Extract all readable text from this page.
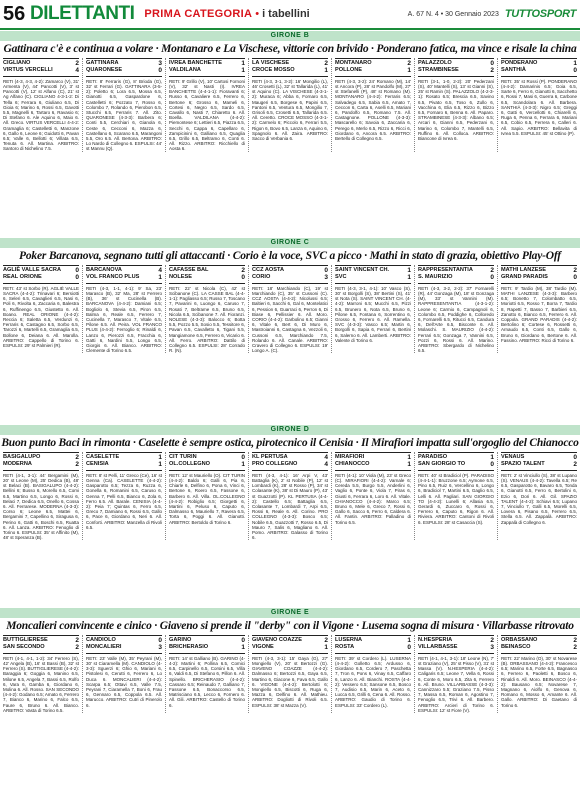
56 DILETTANTI PRIMA CATEGORIA • i tabellini	A. 67 N. 4 • 30 Gennaio 2023 TUTTOSPORT
GIRONE B
Gattinara c'è e continua a volare · Montanaro e La Vischese, vittorie con brivido · Ponderano fatica, ma vince e risale la china
CIGLIANO	2
VIRTUS VERCELLI	4
RETI (4-3, 4-3, 4-2): Zamarco (V), 31' Armenta (V), 44' Pancotti (V), 3' st Pancotti (V), 12' st Alfano (C), 21' st Ag Alfano (C). CIGLIANO 4-3-1-2: Di Tella 6; Ferrara 6, Giuliano 6.5, Di Gioia 6; Marino 6, Rossi 6.5, Gavotti 5.5, Magnelli 6, Tartaro 6, Ravasio 6; Di Stefano 6. Ale Aquino 6, Maio 6. All. Greco. VIRTUS VERCELLI 4-4-2: Gramaglia 6; Castelletti 6, Manzone 6, Gallo 6, Leone 6; Guidotti 6, Pavan 6.5; Valle 6, Bellotti 6; Villata 6.5, Tenuta 6. All. Martina. ARBITRO: Santoro di Nichelino 7.5.
GATTINARA	3
QUARONESE	0
RETI: 8' Ferraris (G), 8' Brioda (G), 32' st Ferrari (G). GATTINARA (3-5-2): Poletto 6; Lora 6.5, Mossa 6.5, Gianotti 6.5, Gaspardone 6, Castelletti 6; Pozzato 7, Rosso 6, Colombo 7, Rolando 6, Pierobon 6.5, Stucchi 6.5, Ferraris 7. All. Zito. QUARONESE (4-3-3): Barbera 6; Conti 5.5, Cerchiari 6, Gianola 6, Ceste 6, Cecconi 6, Mazza 6, Castellano 6, Scarano 6.5, Marangoni 5.5, Oro 6.5. All. Bertona. ARBITRO: Lo Nardo di Collegno 6. ESPULSI: 44' st Mannu (Q).
IVREA BANCHETTE	1
VALDILANA	1
RETI: 9' Grillo (V), 10' Cartosi Fornoni (V), 32' st Nasti (I). IVREA BANCHETTE (4-4-1-1): Fioravanti 6; Russo 6, Cavaliere 6.5, Ferrero 6, Bertone 6; Grosso 6, Mameli 6, Cortesi 6, Negro 6.5, Sardo 6.5, Cavallo 6, Nasti 7, Chiaretto 6. All. Boella. VALDILANA (4-4-2): Piemontese 6; Lettieri 6.5, Piazza 6.5, Secchi 6, Cappa 6, Capellaro 6, Zampicinini 6, Galliano 6.5, Quaglia 6.5, Grillo 6.5, Beltramo 6, Conti 6. All. Rizzo. ARBITRO: Ricchiello di Aosta 6.
LA VISCHESE	2
CROCE MOSSO	1
RETI (4-3, 3-1, 3-2): 16' Mongilio (L), 46' Crosetti (L), 32' st Tallarida (L), 41' st Aquino (C). LA VISCHESE (4-3-1-2): Muraca 6; Abba 6, Fornaro 6.5, Maugeri 6.5, Borgese 6, Papini 6.5, Fantoni 6.5, Ventura 6.5, Mongilio 7, Grisoli 6.5, Crosetti 6.5, Tallarida 6.5. All. Ceretto. CROCE MOSSO (4-3-1-2): Carmelo 6; Piccolo 6, Ferrari 5.5, Rigon 6, Bovo 6.5, Lanza 6, Aquino 6, Spagnolo 6. All. Zaira. ARBITRO: Sacco di Verbania 6.
MONTANARO	2
POLLONE	1
RETI (4-3, 3-2): 24' Romano (M), 14' st Ancora (P), 28' st Pandolfo (M), 27' st Stefanelli (P), 48' st Romano (M). MONTANARO (4-4-2): Ferraris 6.5; Salvadego 6.5, Sabia 6.5, Amato 7, Ceccon 6, Carta 6, Aselli 6.5, Mariani 6, Pandolfo 6.5, Romano 7.5. All. Castagnone. POLLONE (4-3-3): Mascarello 6; Savoia 6, Zaccaria 6, Perego 6, Merlo 6.5, Rizzo 6, Ricci 6, Giordano 6, Ancora 6.5. ARBITRO: Bertello di Collegno 6.5.
PALAZZOLO	0
STRAMBINESE	2
RETI (3-1, 1-0, 2-2): 20' Pederzani (S), 40' Mantelli (S), 13' st Gianni (S), 25' st Ramin (S). PALAZZOLO (4-2-3-1): Rosato 6.5; Brescia 6.5, Savino 6.5, Pivato 6.5, Toso 6, Zullo 6, Vacchina 6, Elia 6.5, Rizzo 6, Bizzo 6.5, Fornaro 6, Benna 6. All. Paparo. STRAMBINESE (4-3-3): Albano 6.5; Arcari 6, Gianni 6.5, Pederzani 6, Marino 6, Colombo 7, Mantelli 6.5, Ruffino 6. All. Colloca. ARBITRO: Biancone di Ivrea 6.
PONDERANO	1
SANTHIÀ	0
RETI: 35' st Rossi (P). PONDERANO (4-4-2): Damarinis 6.5; Goia 6.5, Sarte 6, Ferro 6, Gianotti 6, Sacchetto 6, Rossi 7, Masi 6, Guerra 6, Carbone 6.5, Scandolara 6. All. Barbera. SANTHIÀ (4-3-3): Nigro 6.5; Greggi 6, Gatti 6, Vercellotti 6, Chiarelli 6, Ruga 6, Penna 6, Ferrara 6, Mariani 6.5, Cobio 6.5, Ferrera 6, Calleri 6. All. Sapio. ARBITRO: Bellavita di Ivrea 5.5. ESPULSI: 45' st Ottino (P).
GIRONE C
Poker Barcanova, segnano tutti gli attaccanti · Corio è la voce, SVC a picco · Mathi in stato di grazia, obiettivo Play-Off
AGLIÈ VALLE SACRA 0
REAL ORIONE	0
RETI: 43' st Sorbo (R). AGLIÈ VALLE SACRA (4-4-2): Trinavari 6; Bersiotti 6, Seleri 6.5, Cavaglieri 6.5, Nasi 6, Poli 6, Rivolta 6, Zaccaria 6, Balestra 6, Ruffinengo 6.5, Giustetto 6. All. Boano. REAL ORIONE (4-4-2): Reccia 6; Saletta 6.5, Verdunzi 6, Ferraris 6, Castagno 6.5, Sorbo 6.5, Tarozzi 6, Martelli 6.5, Gramaglia 6.5, Bollone 6, Deiana 6. All. Marolla. ARBITRO: Cappello di Torino 6. ESPULSI: 29' st Palmieri (R).
BARCANOVA	4
VOL FRANCO PLUS	1
RETI (4-3, 1-1, 4-1): 9' Sa, 23' Marasco (B), 32' Ma, 28' st Ferrero (B), 36' st Cucinella (B). BARCANOVA (4-4-2): Damiani 6.5; Bogliolo 6, Stevia 6.5, Piron 6.5, Balma 6, Reale 6.5, Ferrero 7, Cucinella 7, Marasco 7, Vitale 6.5, Pilone 6.5. All. Peira. VOL FRANCO PLUS (4-4-2): Ferroglio 6; Rinaldi 6, Lanzo 6, Pierozzi 6.5, Fracchia 6, Gatti 6, Nardini 5.5, Longo 6.5, Giorgis 6. All. Bianco. ARBITRO: Clemente di Torino 6.5.
CAFASSE BAL	2
NOLESE	0
RETI: 22' st Nicola (C), 42' st Scibanone (C). LA CASSE BAL (4-4-1-1): Pagliasso 6.5; Russo 7, Toscano 7, Pavarini 6, Luongo 6, Caruso 7, Rosati 7, Beltrame 6.5, Bruno 6.5, Nicola 6.5, Scibanone 7. All. Fioranzi. NOLESE (4-3-3): Balocco 6; Botta 5.5, Pozzo 5.5, Sosio 5.5, Tessitore 6, Pavan 6.5, Cavalletto 6, Tigani 5.5, Mangiamone 6.5, Ferrero 6, Vicario 6. All. Ferro. ARBITRO: Dattilo di Collegno 6.5. ESPULSI: 28' Corrado R. (N).
CCZ AOSTA	0
CORIO	3
RETI: 18' Marchiando (C), 19' st Marchiando (C), 35' st Cussoni (C). CCZ AOSTA (4-4-2): Nicolussi 6.5; Baltieri 6, Sacchi 6, Gal 6, Montelatici 6, Pession 6, Guarraci 6, Perron 6, Di Biase 6, Pellissier 6. All. Moro. CORIO (4-4-2): Garbolino 6.5; Gianni 6, Vitale 6, Bert 6, Di Muro 6, Mastroianni 6, Castagna 6, Vezzoli 6, Cussoni 6.5, Marchiando 7.5, Rolando 6. All. Canale. ARBITRO: Cravero di Collegno 6. ESPULSI: 19' Longo A. (C).
SAINT VINCENT CH.	1
SVC	1
RETI (4-3, 3-1, 4-1): 10' Vasco (S), 30' st Borgolli (S), 38' Bertini (S), 41' st Nota (S). SAINT VINCENT CH. (4-4-2): Marroni 6.5; Mucchi 6.5, Pizzi 6.5, Brunero 6, Nota 6.5, Bruno 6, Pilone 6.5, Fontana 6, Sorrentino 6, Grosso 6, Ferrero 6. All. Ramella. SVC (4-3-3): Vasco 6.5; Martin 6, Borgolli 6, Sapia 6, Ferrari 6, Bertini 6, Salerno 6. All. Lamberti. ARBITRO: Valente di Torino 6.
RAPPRESENTANTIA	2
S. MAURIZIO	0
RETI (4-3, 3-2, 2-2): 37' Fornarelli (R), 44' Gonzaga (M), 18' st Gonzaga (M), 33' st Vannini (M). RAPPRESENTANTIA (4-3-1-2): Leone 6; Carmio 6, Campagnoli 6, Colombo 6.5, Poddighe 6, Colloredo 6, Fornarelli 6.5, Ritucci 6.5, Candura 6, Dell'Arte 6.5, Bisconte 6. All. Molaschi. S. MAURIZIO (4-4-2): Ferrari 6.5; Gonzaga 7, Vannini 6.5, Pozzi 6, Rossi 6. All. Marino. ARBITRO: Sbergardo di Nichelino 6.5.
MATHI LANZESE	2
GRAND PARADIS	0
RETI: 9' Tardio (M), 38' Tardio (M). MATHI LANZESE (4-3-3): Barbero 6.5; Bonetto 7, Colombatto 6.5, Moriotti 6.5, Rosso 7, Borra 7, Tardio 8, Rapetti 7, Basso 7, Barbieri 6.5, Zanotto 6, Bianco 6.5, Ferrero 6. All. Coppola. GRAND PARADIS (4-4-2): Bertolino 6; Cortese 6, Rossetti 6, Arnaudo 6.5, Conti 6.5, Gallo 6, Bruno 6, Giordano 6, Bertone 6. All. Fassino. ARBITRO: Ricci di Torino 6.
GIRONE D
Buon punto Baci in rimonta · Caselette è sempre ostica, pirotecnico il Cenisia · Il Mirafiori impatta sull'orgoglio del Chianocco
BASIGALUPO	2
MODERNA	2
RETI (4-1, 3-1): 44' Bergamini (M), 20' st Leone (M), 25' Dedica (B), 48' st Belaci (B). BASIGALUPO (4-4-2): Bellini 6; Busso 6, Morello 6.5, Comi 6.5, Martino 6.5, Longo 6, Rossi 6, Belaci 7, Dedica 6.5, Onello 6, Cossa 6. All. Ferrarese. MODERNA (4-3-3): Corso 6; Leone 6.5, Mattei 6, Bergamini 7, Capellino 6, Siragusa 6, Perino 6, Gatti 6, Boschi 6.5, Ruatta 6. All. Lanza. ARBITRO: Fenoglio di Torino 6. ESPULSI: 35' st Affinito (M), 48' st Speranza (B).
CASELETTE	1
CENISIA	1
RETI: 8' st Pelli, 11' Greco (Ce), 16' st Genna (Ca). CASELETTE (4-4-2): Gasparotto 6.5; Tezza 6, Ruzza 6, Gonella 6, Romanini 6.5, Caruso 6, Genna 7, Pelli 6.5, Bianco 6, Zola 6, Ferro 6.5. All. Barale. CENISIA (4-4-2): Peia 7; Quintas 6, Ferro 6.5, Greco 7, Damiano 6, Rossi 6.5, Gallo 6, Pace 6, Giordano 6, Neri 6. All. Conforti. ARBITRO: Manzella di Rivoli 6.5.
CIT TURIN	0
OL.COLLEGNO	1
RETI: 12' st Mauriello (O). CIT TURIN (4-4-2): Baldo 6; Galli 6, Pia 6, Chiarle 6, Delfino 6, Pona 6, Vinci 6, Bertone 6, Roero 6.5, Fassone 6, Barbero 6. All. Villa. OL.COLLEGNO (4-4-2): Robiglio 6.5; Giorgetti 6, Martini 6, Peluso 6, Caputo 6, Dalmasso 6, Mauriello 7, Ravera 6.5, Torta 6, Poggi 6. All. Gianotti. ARBITRO: Bertoldo di Torino 6.
KL PERTUSA	4
PRO COLLEGNO	4
RETI (4-3, 4-1): 16' Arpi V, 43' Battaglia (K), 2' st Nobile (P), 12' st Lombardi (K), 28' st Rosso (P), 34' st Colasante (K), 38' st Di Mauro (P), 43' st Guazzotti (P). KL PERTUSA (4-4-2): Castello 6.5; Battaglia 6.5, Colasante 7, Lombardi 7, Arpi 6.5, Rossi 6, Reale 6. All. Corino. PRO COLLEGNO (4-3-3): Bosco 6.5; Nobile 6.5, Guazzotti 7, Rosso 6.5, Di Mauro 7, Salis 6, Magliano 6. All. Pomo. ARBITRO: Galasso di Torino 6.
MIRAFIORI	1
CHIANOCCO	1
RETI (4-1): 10' Viola (M), 23' st Greco (C). MIRAFIORI (4-4-2): Varnale 6; Cereda 5.5, Burgo 5.5, Anderlini 6, Vaglio 6, Ponte 6, Viola 7, Piras 6, Giusti 6, Ferrara 6, Loro 6. All. Vitale. CHIANOCCO (4-4-2): Marco 6.5; Bruno 6, Mele 6, Greco 7, Rossi 6, Gallo 6, Sacco 6, Ferro 6, Caldera 6. All. Fantin. ARBITRO: Palladino di Torino 6.5.
PARADISO	1
SAN GIORGIO TO	0
RETI: 40' st Bradiciol (P). PARADISO (4-4-1-1): Bruzzone 6.5; Aymone 6.5, Pino 6.5, Ruiz 6, Vercellino 6, Longo 6, Bradiciol 7, Martini 6.5, Gaglio 6.5, Lelli 6. All. Pagliari. SAN GIORGIO TO (4-4-2): Lunelli 6; Allasia 6.5, Gerardi 6, Zuccaro 6, Rossi 6, Ferrero 6, Caputo 6, Rigon 6. All. Riviera. ARBITRO: Cantoni di Rivoli 6. ESPULSI: 28' st Casaccia (S).
VENAUS	0
SPAZIO TALENT	2
RETI: 2' st Vinciullo (S), 38' st Lupano (S). VENAUS (4-4-2): Tavella 6.5; Re 6.5, Gasparotto 6, Bavaro 6.5, Tonda 6, Gianotti 6.5, Ferro 6, Bertolini 6, Ezio 6, Dori 6. All. Gil. SPAZIO TALENT (4-4-2): Schiavi 6.5; Lupano 7, Vinciullo 7, Galli 6.5, Morelli 6.5, Lovera 6, Pisano 6.5, Ferrero 6.5, Stella 6.5. All. Zappalà. ARBITRO: Zappalà di Collegno 6.
GIRONE E
Moncalieri convincente e cinico · Giaveno si prende il "derby" con il Vigone · Lusema sogna di misura · Villarbasse ritrovato
BUTTIGLIERESE	2
SAN SECONDO	2
RETI (4-1, 4-1, 1-2): 34' Ferrero (S), 42' Angela (B), 16' st Bassi (B), 32' st Ferrero (S). BUTTIGLIERESE (4-4-2): Baraggia 6; Goggia 6, Manino 6.5, Milone 6.5, Angela 7, Bassi 6.5, Rolfo 6, Vara 6, Gamba 6, Giordano 6, Molina 6. All. Rosso. SAN SECONDO (4-4-2): Godano 6.5; Amato 6, Ferrero 7, Bianco 6, Marino 6, Falco 6.5, Faure 6, Bruno 6. All. Bianco. ARBITRO: Vasta di Torino 6.5.
CANDIOLO	0
MONCALIERI	3
RETI: 23' Valle (M), 35' Peyrani (M), 30' st Ciaramella (M). CANDIOLO (4-3-3): Sguerzi 6; Ghio 6, Mariani 6, Pistolesi 6, Cerutti 6, Ferrero 6, Lo Duca 6. MONCALIERI (4-4-2): Scarpa 6.5; Ottavi 6.5, Valle 7.5, Peyrani 7, Ciaramella 7, Boni 6, Frau 6, Gennaro 6.5, Coppola 6.5. All. Marucco. ARBITRO: Cutri di Pinerolo 6.
GARINO	0
BRICHERASIO	1
RETI: 14' st Galliano (B). GARINO (4-4-2): Martini 6; Pollina 6.5, Comici 6.5, Carpinello 6.5, Corsini 6.5, Villa 6, Valdi 6.5, Di Stefano 6, Pillon 6. All. Spinello. BRICHERASIO (4-4-2): Cassaro 6.5; Reinaudo 7, Galliano 7, Fassone 6.5, Bonaccorso 6.5, Matrisciano 6.5, Lecco 6, Fornero 6. All. Gili. ARBITRO: Castello di Torino 6.
GIAVENO COAZZE	2
VIGONE	1
RETI (4-3, 3-1): 15' Gaya (G), 27' Mongiello (V), 20' st Bertozzi (G). GIAVENO COAZZE (4-4-2): Dalmasso 6; Bertozzi 6.5, Gaya 6.5, Martino 6, Giacone 6, Fava 6.5, Gallo 6. VIGONE (4-4-2): Bertolotti 6; Mongiello 6.5, Biscotti 6, Ruga 6, Mazza 6, Delfino 6. All. Mathieu. ARBITRO: Dogliotti di Rivoli 6.5. ESPULSI: 38' st Mazza (V).
LUSERNA	1
ROSTA	0
RETI: 39' st Cordero (L). LUSERNA (4-4-2): Golletto 6.5; Ardusso 6, Giordano 6.5, Cordero 7, Paschetta 7, Tron 6, Pons 6, Vinay 6.5, Caffaro 6, Lanzo 6. All. Bianchi. ROSTA (4-4-2): Vessero 6.5; Sansone 6.5, Bosco 7, Audisio 6.5, Marin 6, Aceto 6, Lucca 6.5, Grilli 6, Cena 6. All. Rosso. ARBITRO: Gaudio di Torino 6. ESPULSI: 33' Cordero (L).
N.HESPERIA	2
VILLARBASSE	3
RETI (4-1, 4-1, 3-1): 18' Leone (N), 7' st Graziano (V), 25' st Pisso (V), 31' st Massa (V). N.HESPERIA (4-4-2): Caligaris 6.5; Leone 7, Vella 6, Rossi 6, Conte 6, Moro 6.5, Zita 6, Ferrero 6. All. Bruno. VILLARBASSE (4-3-3): Cannizzaro 5.5; Graziano 7.5, Pisso 7, Massa 6.5, Roman 6, Agostino 7, Fenoglio 6.5, Trivi 6. All. Barbero. ARBITRO: Arcieri di Torino 6. ESPULSI: 12' st Fiore (V).
ORBASSANO	2
BEINASCO	2
RETI: 22' Marino (O), 30' st Novarese (B). ORBASSANO (4-4-2): Francesco 6.5; Marino 6.5, Forte 6.5, Bagnasco 6, Ferrero 6, Paoletti 6, Bosco 6, Rinaldi 6. All. Moro. BEINASCO (4-4-2): Bausano 6.5; Novarese 7, Magnano 6, Aiolfo 6, Genova 6, Romano 6, Mosso 6, Amante 6. All. Gallo. ARBITRO: Di Gaetano di Torino 6.
